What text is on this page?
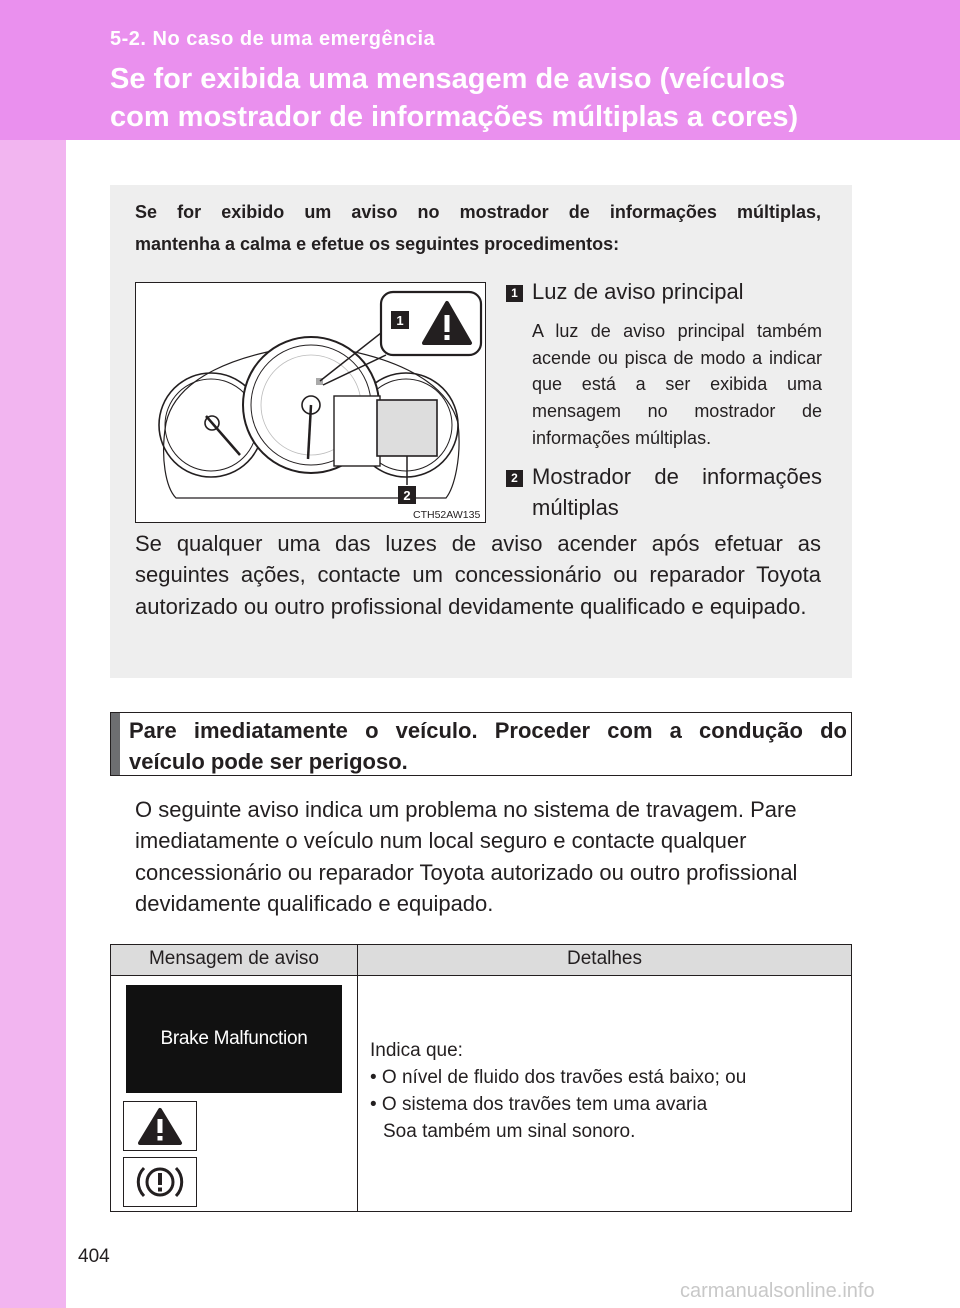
5-2. No caso de uma emergência
Se for exibida uma mensagem de aviso (veículos
com mostrador de informações múltiplas a cores)
Se for exibido um aviso no mostrador de informações múltiplas,

mantenha a calma e efetue os seguintes procedimentos:
1
2
CTH52AW135
1 Luz de aviso principal
A luz de aviso principal também acende ou pisca de modo a indicar que está a ser exibida uma mensagem no mostrador de informações múltiplas.
2 Mostrador de informações
múltiplas
Se qualquer uma das luzes de aviso acender após efetuar as seguintes ações, contacte um concessionário ou reparador Toyota autorizado ou outro profissional devidamente qualificado e equipado.
Pare imediatamente o veículo. Proceder com a condução do
veículo pode ser perigoso.
O seguinte aviso indica um problema no sistema de travagem. Pare imediatamente o veículo num local seguro e contacte qualquer concessionário ou reparador Toyota autorizado ou outro profissional devidamente qualificado e equipado.
Mensagem de aviso	Detalhes
Brake Malfunction
Indica que:
• O nível de fluido dos travões está baixo; ou
• O sistema dos travões tem uma avaria
Soa também um sinal sonoro.
404
carmanualsonline.info
